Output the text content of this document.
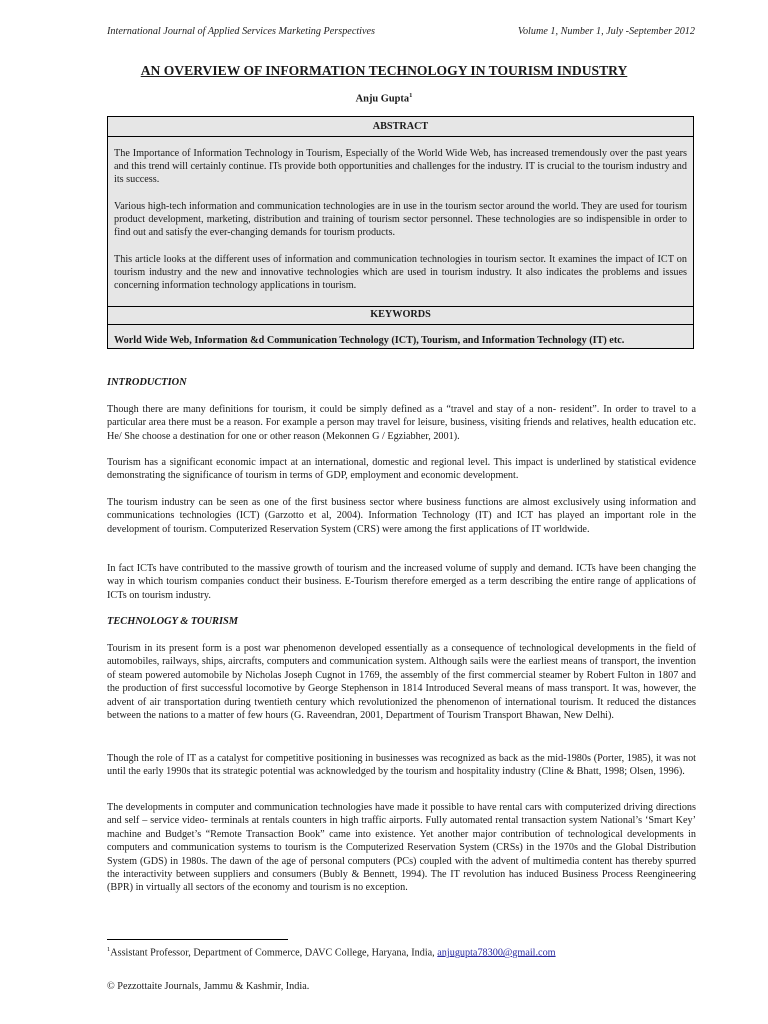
International Journal of Applied Services Marketing Perspectives	Volume 1, Number 1, July -September 2012
AN OVERVIEW OF INFORMATION TECHNOLOGY IN TOURISM INDUSTRY
Anju Gupta$^1$
ABSTRACT
The Importance of Information Technology in Tourism, Especially of the World Wide Web, has increased tremendously over the past years and this trend will certainly continue. ITs provide both opportunities and challenges for the industry. IT is crucial to the tourism industry and its success.
Various high-tech information and communication technologies are in use in the tourism sector around the world. They are used for tourism product development, marketing, distribution and training of tourism sector personnel. These technologies are so indispensible in order to find out and satisfy the ever-changing demands for tourism products.
This article looks at the different uses of information and communication technologies in tourism sector. It examines the impact of ICT on tourism industry and the new and innovative technologies which are used in tourism industry. It also indicates the problems and issues concerning information technology applications in tourism.
KEYWORDS
World Wide Web, Information &d Communication Technology (ICT), Tourism, and Information Technology (IT) etc.
INTRODUCTION
Though there are many definitions for tourism, it could be simply defined as a “travel and stay of a non- resident”. In order to travel to a particular area there must be a reason. For example a person may travel for leisure, business, visiting friends and relatives, health education etc. He/ She choose a destination for one or other reason (Mekonnen G / Egziabher, 2001).
Tourism has a significant economic impact at an international, domestic and regional level. This impact is underlined by statistical evidence demonstrating the significance of tourism in terms of GDP, employment and economic development.
The tourism industry can be seen as one of the first business sector where business functions are almost exclusively using information and communications technologies (ICT) (Garzotto et al, 2004). Information Technology (IT) and ICT has played an important role in the development of tourism. Computerized Reservation System (CRS) were among the first applications of IT worldwide.
In fact ICTs have contributed to the massive growth of tourism and the increased volume of supply and demand. ICTs have been changing the way in which tourism companies conduct their business. E-Tourism therefore emerged as a term describing the entire range of applications of ICTs on tourism industry.
TECHNOLOGY & TOURISM
Tourism in its present form is a post war phenomenon developed essentially as a consequence of technological developments in the field of automobiles, railways, ships, aircrafts, computers and communication system. Although sails were the earliest means of transport, the invention of steam powered automobile by Nicholas Joseph Cugnot in 1769, the assembly of the first commercial steamer by Robert Fulton in 1807 and the production of first successful locomotive by George Stephenson in 1814 Introduced Several means of mass transport. It was, however, the advent of air transportation during twentieth century which revolutionized the phenomenon of international tourism. It reduced the distances between the nations to a matter of few hours (G. Raveendran, 2001, Department of Tourism Transport Bhawan, New Delhi).
Though the role of IT as a catalyst for competitive positioning in businesses was recognized as back as the mid-1980s (Porter, 1985), it was not until the early 1990s that its strategic potential was acknowledged by the tourism and hospitality industry (Cline & Bhatt, 1998; Olsen, 1996).
The developments in computer and communication technologies have made it possible to have rental cars with computerized driving directions and self – service video- terminals at rentals counters in high traffic airports. Fully automated rental transaction system National’s ‘Smart Key’ machine and Budget’s “Remote Transaction Book” came into existence. Yet another major contribution of technological developments in computers and communication systems to tourism is the Computerized Reservation System (CRSs) in the 1970s and the Global Distribution System (GDS) in 1980s. The dawn of the age of personal computers (PCs) coupled with the advent of multimedia content has thereby spurred the interactivity between suppliers and consumers (Bubly & Bennett, 1994). The IT revolution has induced Business Process Reengineering (BPR) in virtually all sectors of the economy and tourism is no exception.
$^1$Assistant Professor, Department of Commerce, DAVC College, Haryana, India, anjugupta78300@gmail.com
© Pezzottaite Journals, Jammu & Kashmir, India.
